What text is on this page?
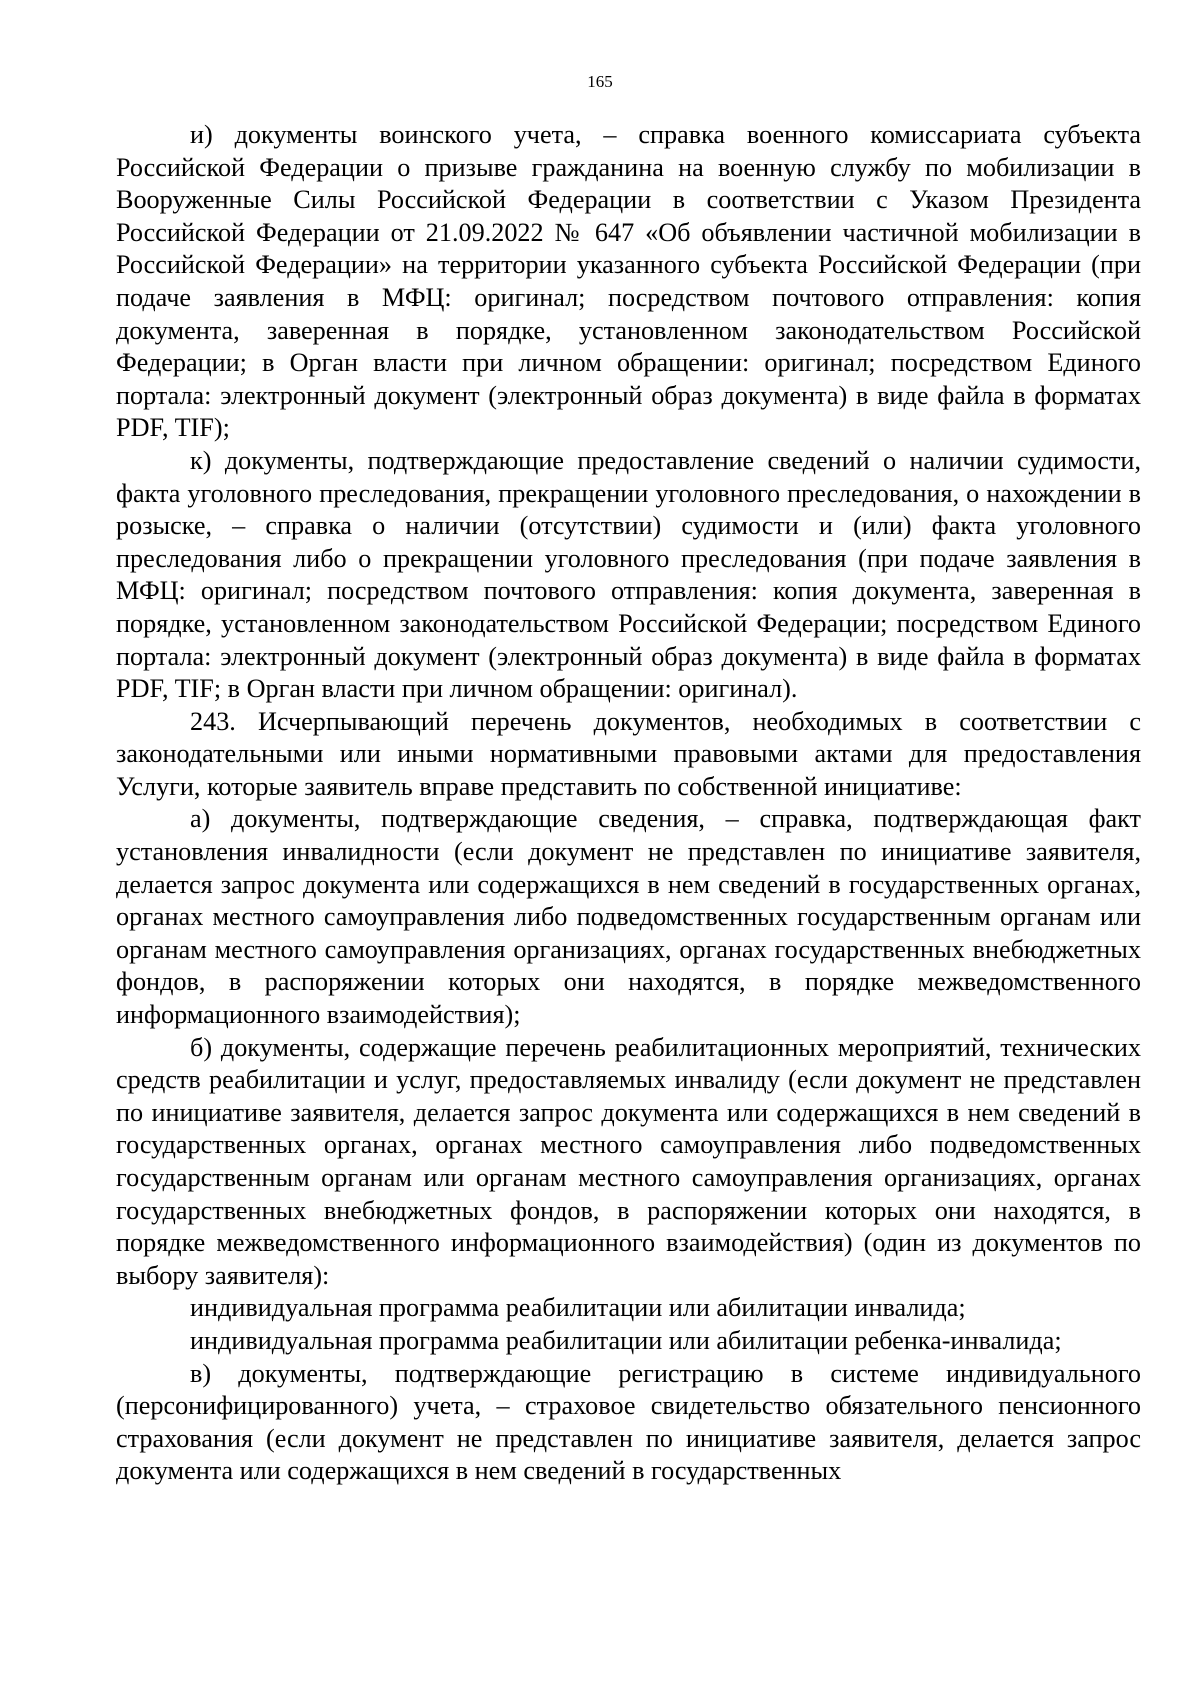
165

и) документы воинского учета, – справка военного комиссариата субъекта Российской Федерации о призыве гражданина на военную службу по мобилизации в Вооруженные Силы Российской Федерации в соответствии с Указом Президента Российской Федерации от 21.09.2022 № 647 «Об объявлении частичной мобилизации в Российской Федерации» на территории указанного субъекта Российской Федерации (при подаче заявления в МФЦ: оригинал; посредством почтового отправления: копия документа, заверенная в порядке, установленном законодательством Российской Федерации; в Орган власти при личном обращении: оригинал; посредством Единого портала: электронный документ (электронный образ документа) в виде файла в форматах PDF, TIF);

к) документы, подтверждающие предоставление сведений о наличии судимости, факта уголовного преследования, прекращении уголовного преследования, о нахождении в розыске, – справка о наличии (отсутствии) судимости и (или) факта уголовного преследования либо о прекращении уголовного преследования (при подаче заявления в МФЦ: оригинал; посредством почтового отправления: копия документа, заверенная в порядке, установленном законодательством Российской Федерации; посредством Единого портала: электронный документ (электронный образ документа) в виде файла в форматах PDF, TIF; в Орган власти при личном обращении: оригинал).

243. Исчерпывающий перечень документов, необходимых в соответствии с законодательными или иными нормативными правовыми актами для предоставления Услуги, которые заявитель вправе представить по собственной инициативе:

а) документы, подтверждающие сведения, – справка, подтверждающая факт установления инвалидности (если документ не представлен по инициативе заявителя, делается запрос документа или содержащихся в нем сведений в государственных органах, органах местного самоуправления либо подведомственных государственным органам или органам местного самоуправления организациях, органах государственных внебюджетных фондов, в распоряжении которых они находятся, в порядке межведомственного информационного взаимодействия);

б) документы, содержащие перечень реабилитационных мероприятий, технических средств реабилитации и услуг, предоставляемых инвалиду (если документ не представлен по инициативе заявителя, делается запрос документа или содержащихся в нем сведений в государственных органах, органах местного самоуправления либо подведомственных государственным органам или органам местного самоуправления организациях, органах государственных внебюджетных фондов, в распоряжении которых они находятся, в порядке межведомственного информационного взаимодействия) (один из документов по выбору заявителя):

индивидуальная программа реабилитации или абилитации инвалида;

индивидуальная программа реабилитации или абилитации ребенка-инвалида;

в) документы, подтверждающие регистрацию в системе индивидуального (персонифицированного) учета, – страховое свидетельство обязательного пенсионного страхования (если документ не представлен по инициативе заявителя, делается запрос документа или содержащихся в нем сведений в государственных
